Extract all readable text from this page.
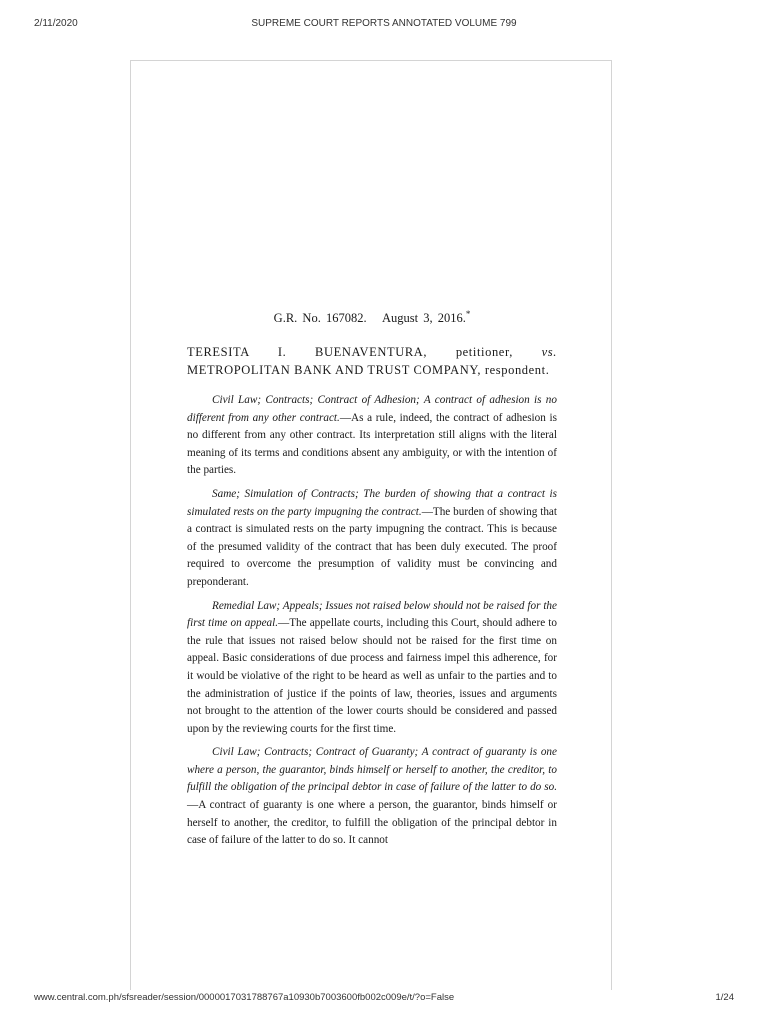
2/11/2020	SUPREME COURT REPORTS ANNOTATED VOLUME 799

G.R. No. 167082. August 3, 2016.*

TERESITA I. BUENAVENTURA, petitioner, vs. METROPOLITAN BANK AND TRUST COMPANY, respondent.

Civil Law; Contracts; Contract of Adhesion; A contract of adhesion is no different from any other contract.—As a rule, indeed, the contract of adhesion is no different from any other contract. Its interpretation still aligns with the literal meaning of its terms and conditions absent any ambiguity, or with the intention of the parties.

Same; Simulation of Contracts; The burden of showing that a contract is simulated rests on the party impugning the contract.—The burden of showing that a contract is simulated rests on the party impugning the contract. This is because of the presumed validity of the contract that has been duly executed. The proof required to overcome the presumption of validity must be convincing and preponderant.

Remedial Law; Appeals; Issues not raised below should not be raised for the first time on appeal.—The appellate courts, including this Court, should adhere to the rule that issues not raised below should not be raised for the first time on appeal. Basic considerations of due process and fairness impel this adherence, for it would be violative of the right to be heard as well as unfair to the parties and to the administration of justice if the points of law, theories, issues and arguments not brought to the attention of the lower courts should be considered and passed upon by the reviewing courts for the first time.

Civil Law; Contracts; Contract of Guaranty; A contract of guaranty is one where a person, the guarantor, binds himself or herself to another, the creditor, to fulfill the obligation of the principal debtor in case of failure of the latter to do so.—A contract of guaranty is one where a person, the guarantor, binds himself or herself to another, the creditor, to fulfill the obligation of the principal debtor in case of failure of the latter to do so. It cannot

www.central.com.ph/sfsreader/session/0000017031788767a10930b7003600fb002c009e/t/?o=False	1/24
